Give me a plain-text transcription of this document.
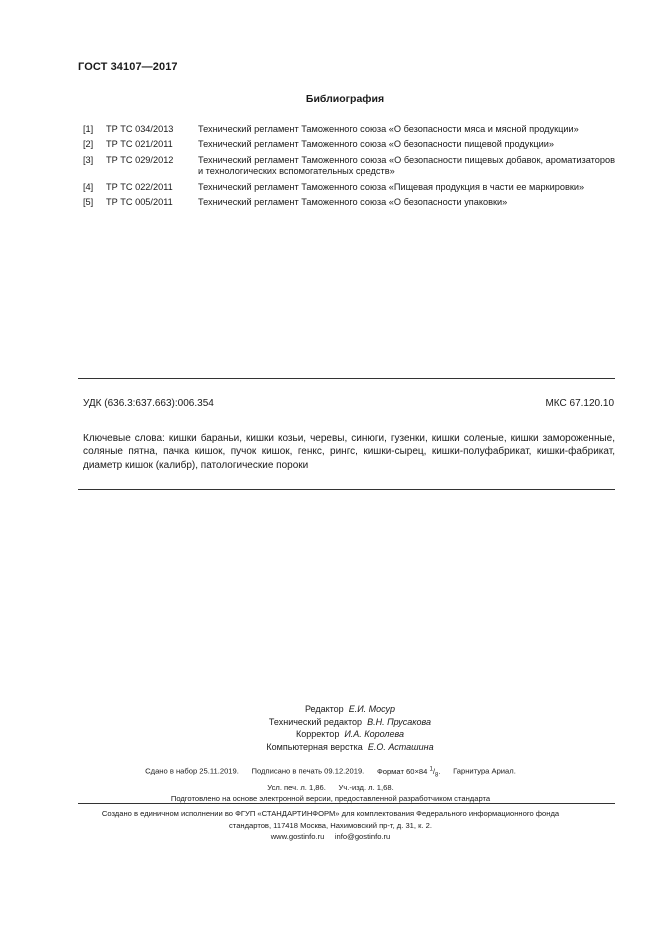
ГОСТ 34107—2017
Библиография
[1] ТР ТС 034/2013	Технический регламент Таможенного союза «О безопасности мяса и мясной продукции»
[2] ТР ТС 021/2011	Технический регламент Таможенного союза «О безопасности пищевой продукции»
[3] ТР ТС 029/2012	Технический регламент Таможенного союза «О безопасности пищевых добавок, ароматизаторов и технологических вспомогательных средств»
[4] ТР ТС 022/2011	Технический регламент Таможенного союза «Пищевая продукция в части ее маркировки»
[5] ТР ТС 005/2011	Технический регламент Таможенного союза «О безопасности упаковки»
УДК (636.3:637.663):006.354	МКС 67.120.10
Ключевые слова: кишки бараньи, кишки козьи, черевы, синюги, гузенки, кишки соленые, кишки замороженные, соляные пятна, пачка кишок, пучок кишок, генкс, рингс, кишки-сырец, кишки-полуфабрикат, кишки-фабрикат, диаметр кишок (калибр), патологические пороки
Редактор Е.И. Мосур
Технический редактор В.Н. Прусакова
Корректор И.А. Королева
Компьютерная верстка Е.О. Асташина
Сдано в набор 25.11.2019. Подписано в печать 09.12.2019. Формат 60×84 $^1/_8$. Гарнитура Ариал.
Усл. печ. л. 1,86. Уч.-изд. л. 1,68.
Подготовлено на основе электронной версии, предоставленной разработчиком стандарта
Создано в единичном исполнении во ФГУП «СТАНДАРТИНФОРМ» для комплектования Федерального информационного фонда
стандартов, 117418 Москва, Нахимовский пр-т, д. 31, к. 2.
www.gostinfo.ru info@gostinfo.ru
